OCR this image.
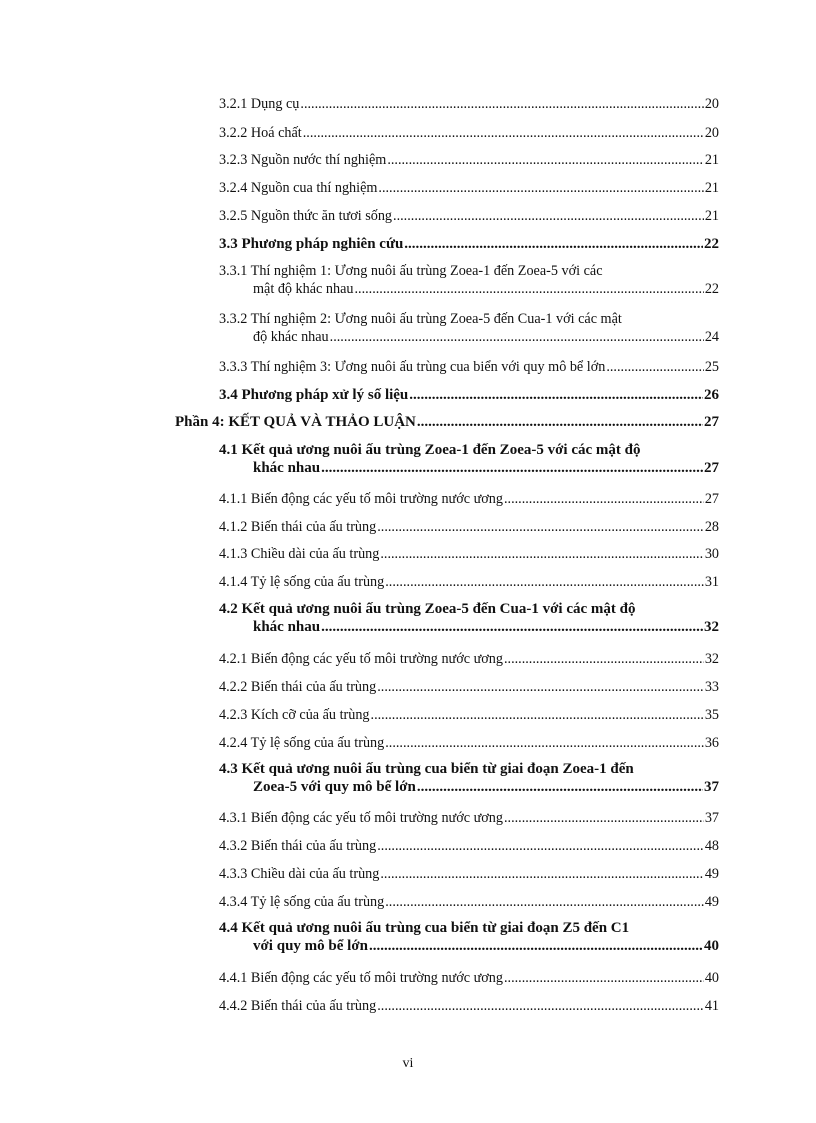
3.2.1 Dụng cụ .....	20
3.2.2 Hoá chất .....	20
3.2.3 Nguồn nước thí nghiệm .....	21
3.2.4 Nguồn cua thí nghiệm .....	21
3.2.5 Nguồn thức ăn tươi sống .....	21
3.3 Phương pháp nghiên cứu .....	22
3.3.1 Thí nghiệm 1: Ương nuôi ấu trùng Zoea-1 đến Zoea-5 với các
mật độ khác nhau .....	22
3.3.2 Thí nghiệm 2: Ương nuôi ấu trùng Zoea-5 đến Cua-1 với các mật
độ khác nhau .....	24
3.3.3 Thí nghiệm 3: Ương nuôi ấu trùng cua biển với quy mô bể lớn .....	25
3.4 Phương pháp xử lý số liệu .....	26
Phần 4: KẾT QUẢ VÀ THẢO LUẬN .....	27
4.1 Kết quả ương nuôi ấu trùng Zoea-1 đến Zoea-5 với các mật độ
khác nhau .....	27
4.1.1 Biến động các yếu tố môi trường nước ương .....	27
4.1.2 Biến thái của ấu trùng .....	28
4.1.3 Chiều dài của ấu trùng .....	30
4.1.4 Tỷ lệ sống của ấu trùng .....	31
4.2 Kết quả ương nuôi ấu trùng Zoea-5 đến Cua-1 với các mật độ
khác nhau .....	32
4.2.1 Biến động các yếu tố môi trường nước ương .....	32
4.2.2 Biến thái của ấu trùng .....	33
4.2.3 Kích cỡ của ấu trùng .....	35
4.2.4 Tỷ lệ sống của ấu trùng .....	36
4.3 Kết quả ương nuôi ấu trùng cua biển từ giai đoạn Zoea-1 đến
Zoea-5 với quy mô bể lớn .....	37
4.3.1 Biến động các yếu tố môi trường nước ương .....	37
4.3.2 Biến thái của ấu trùng .....	48
4.3.3 Chiều dài của ấu trùng .....	49
4.3.4 Tỷ lệ sống của ấu trùng .....	49
4.4 Kết quả ương nuôi ấu trùng cua biển từ giai đoạn Z5 đến C1
với quy mô bể lớn .....	40
4.4.1 Biến động các yếu tố môi trường nước ương .....	40
4.4.2 Biến thái của ấu trùng .....	41
vi
